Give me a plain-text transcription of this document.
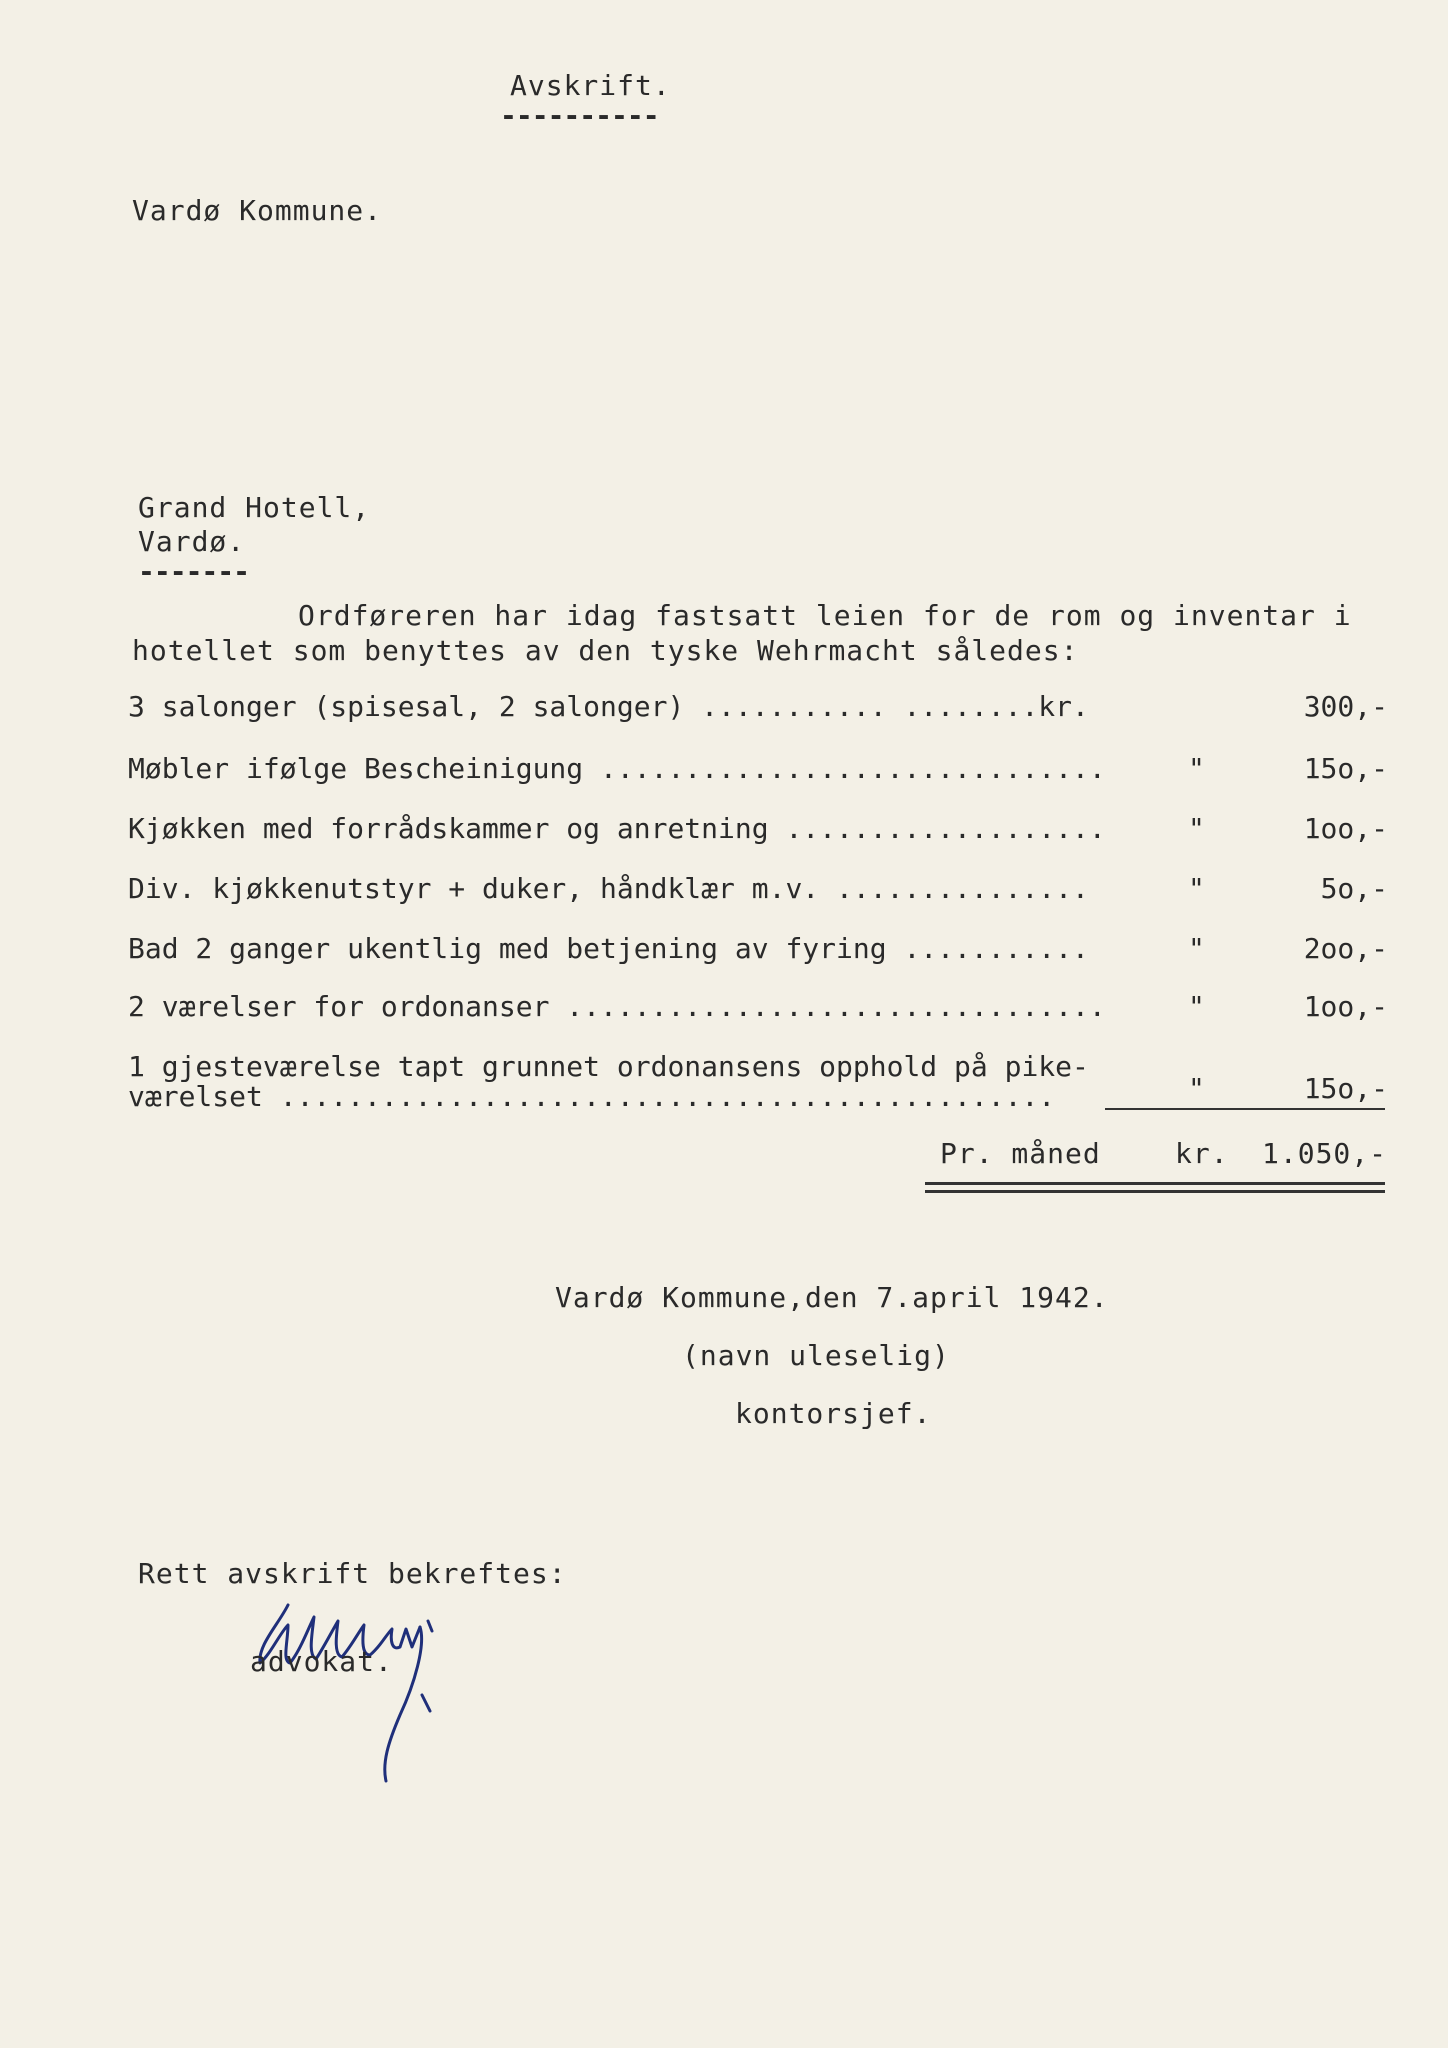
Avskrift.
----------
Vardø Kommune.
Grand Hotell,
Vardø.
-------
Ordføreren har idag fastsatt leien for de rom og inventar i
hotellet som benyttes av den tyske Wehrmacht således:
3 salonger (spisesal, 2 salonger) ........... ........kr.	300,-
Møbler ifølge Bescheinigung ..............................	"	15o,-
Kjøkken med forrådskammer og anretning ...................	"	1oo,-
Div. kjøkkenutstyr + duker, håndklær m.v. ...............	"	5o,-
Bad 2 ganger ukentlig med betjening av fyring ...........	"	2oo,-
2 værelser for ordonanser ................................	"	1oo,-
1 gjesteværelse tapt grunnet ordonansens opphold på pike-
værelset ..............................................	"	15o,-
Pr. måned	kr. 1.050,-
Vardø Kommune,den 7.april 1942.
(navn uleselig)
kontorsjef.
Rett avskrift bekreftes:
advokat.
